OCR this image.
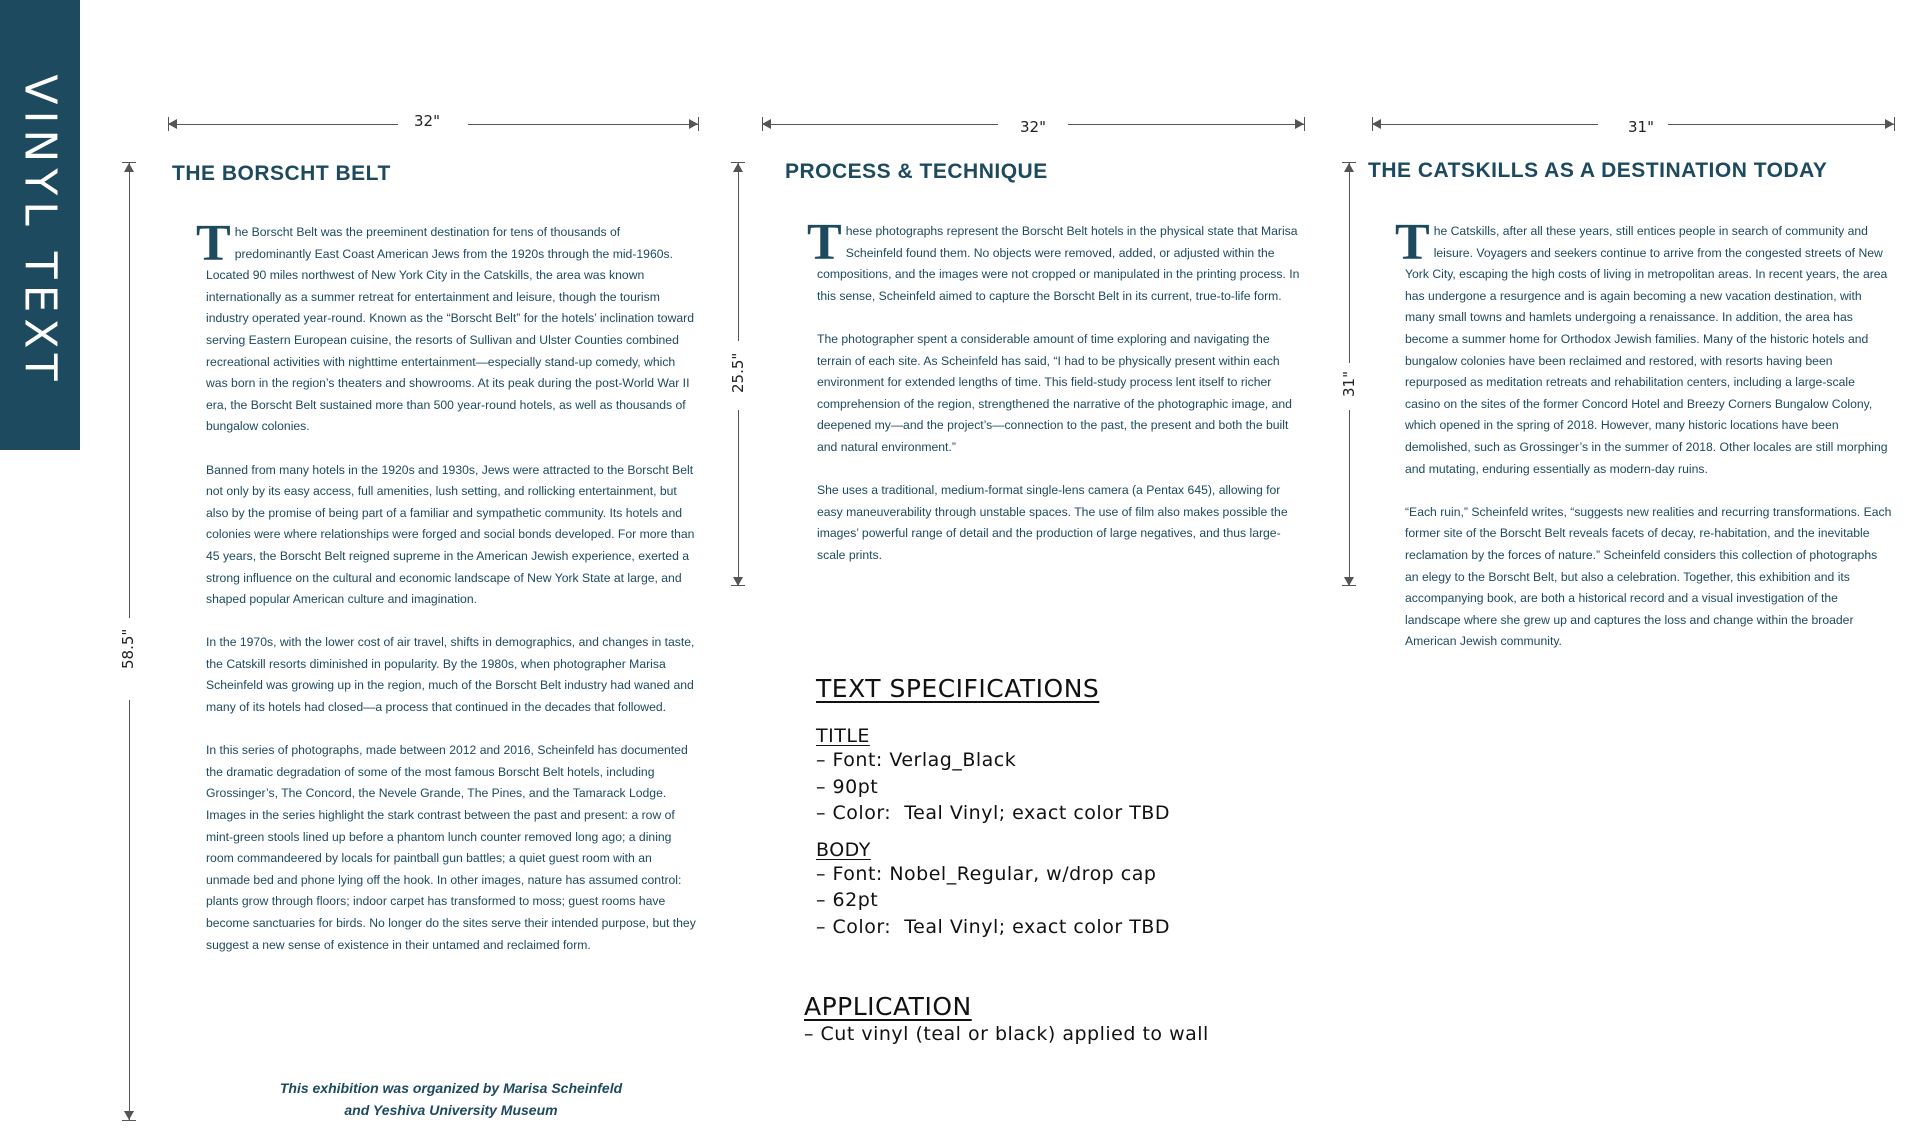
VINYL TEXT	32"	32"	31"
58.5"
25.5"	31"
THE BORSCHT BELT

The Borscht Belt was the preeminent destination for tens of thousands of predominantly East Coast American Jews from the 1920s through the mid-1960s. Located 90 miles northwest of New York City in the Catskills, the area was known internationally as a summer retreat for entertainment and leisure, though the tourism industry operated year-round. Known as the “Borscht Belt” for the hotels’ inclination toward serving Eastern European cuisine, the resorts of Sullivan and Ulster Counties combined recreational activities with nighttime entertainment—especially stand-up comedy, which was born in the region’s theaters and showrooms. At its peak during the post-World War II era, the Borscht Belt sustained more than 500 year-round hotels, as well as thousands of bungalow colonies.

Banned from many hotels in the 1920s and 1930s, Jews were attracted to the Borscht Belt not only by its easy access, full amenities, lush setting, and rollicking entertainment, but also by the promise of being part of a familiar and sympathetic community. Its hotels and colonies were where relationships were forged and social bonds developed. For more than 45 years, the Borscht Belt reigned supreme in the American Jewish experience, exerted a strong influence on the cultural and economic landscape of New York State at large, and shaped popular American culture and imagination.

In the 1970s, with the lower cost of air travel, shifts in demographics, and changes in taste, the Catskill resorts diminished in popularity. By the 1980s, when photographer Marisa Scheinfeld was growing up in the region, much of the Borscht Belt industry had waned and many of its hotels had closed—a process that continued in the decades that followed.

In this series of photographs, made between 2012 and 2016, Scheinfeld has documented the dramatic degradation of some of the most famous Borscht Belt hotels, including Grossinger’s, The Concord, the Nevele Grande, The Pines, and the Tamarack Lodge. Images in the series highlight the stark contrast between the past and present: a row of mint-green stools lined up before a phantom lunch counter removed long ago; a dining room commandeered by locals for paintball gun battles; a quiet guest room with an unmade bed and phone lying off the hook. In other images, nature has assumed control: plants grow through floors; indoor carpet has transformed to moss; guest rooms have become sanctuaries for birds. No longer do the sites serve their intended purpose, but they suggest a new sense of existence in their untamed and reclaimed form.

This exhibition was organized by Marisa Scheinfeld
and Yeshiva University Museum
PROCESS & TECHNIQUE

These photographs represent the Borscht Belt hotels in the physical state that Marisa Scheinfeld found them. No objects were removed, added, or adjusted within the compositions, and the images were not cropped or manipulated in the printing process. In this sense, Scheinfeld aimed to capture the Borscht Belt in its current, true-to-life form.

The photographer spent a considerable amount of time exploring and navigating the terrain of each site. As Scheinfeld has said, “I had to be physically present within each environment for extended lengths of time. This field-study process lent itself to richer comprehension of the region, strengthened the narrative of the photographic image, and deepened my—and the project’s—connection to the past, the present and both the built and natural environment.”

She uses a traditional, medium-format single-lens camera (a Pentax 645), allowing for easy maneuverability through unstable spaces. The use of film also makes possible the images’ powerful range of detail and the production of large negatives, and thus large-scale prints.

THE CATSKILLS AS A DESTINATION TODAY

The Catskills, after all these years, still entices people in search of community and leisure. Voyagers and seekers continue to arrive from the congested streets of New York City, escaping the high costs of living in metropolitan areas. In recent years, the area has undergone a resurgence and is again becoming a new vacation destination, with many small towns and hamlets undergoing a renaissance. In addition, the area has become a summer home for Orthodox Jewish families. Many of the historic hotels and bungalow colonies have been reclaimed and restored, with resorts having been repurposed as meditation retreats and rehabilitation centers, including a large-scale casino on the sites of the former Concord Hotel and Breezy Corners Bungalow Colony, which opened in the spring of 2018. However, many historic locations have been demolished, such as Grossinger’s in the summer of 2018. Other locales are still morphing and mutating, enduring essentially as modern-day ruins.

“Each ruin,” Scheinfeld writes, “suggests new realities and recurring transformations. Each former site of the Borscht Belt reveals facets of decay, re-habitation, and the inevitable reclamation by the forces of nature.” Scheinfeld considers this collection of photographs an elegy to the Borscht Belt, but also a celebration. Together, this exhibition and its accompanying book, are both a historical record and a visual investigation of the landscape where she grew up and captures the loss and change within the broader American Jewish community.

TEXT SPECIFICATIONS
TITLE
– Font: Verlag_Black
– 90pt
– Color:  Teal Vinyl; exact color TBD
BODY
– Font: Nobel_Regular, w/drop cap
– 62pt
– Color:  Teal Vinyl; exact color TBD
APPLICATION
– Cut vinyl (teal or black) applied to wall
